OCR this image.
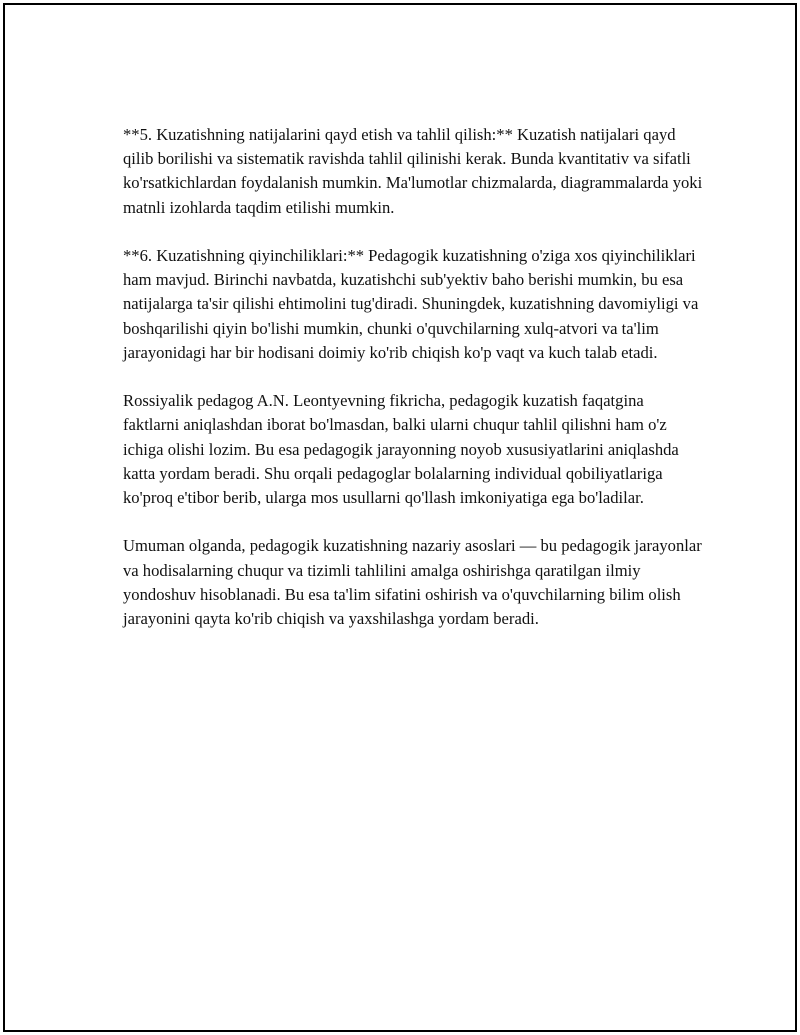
**5. Kuzatishning natijalarini qayd etish va tahlil qilish:** Kuzatish natijalari qayd qilib borilishi va sistematik ravishda tahlil qilinishi kerak. Bunda kvantitativ va sifatli ko'rsatkichlardan foydalanish mumkin. Ma'lumotlar chizmalarda, diagrammalarda yoki matnli izohlarda taqdim etilishi mumkin.

**6. Kuzatishning qiyinchiliklari:** Pedagogik kuzatishning o'ziga xos qiyinchiliklari ham mavjud. Birinchi navbatda, kuzatishchi sub'yektiv baho berishi mumkin, bu esa natijalarga ta'sir qilishi ehtimolini tug'diradi. Shuningdek, kuzatishning davomiyligi va boshqarilishi qiyin bo'lishi mumkin, chunki o'quvchilarning xulq-atvori va ta'lim jarayonidagi har bir hodisani doimiy ko'rib chiqish ko'p vaqt va kuch talab etadi.

Rossiyalik pedagog A.N. Leontyevning fikricha, pedagogik kuzatish faqatgina faktlarni aniqlashdan iborat bo'lmasdan, balki ularni chuqur tahlil qilishni ham o'z ichiga olishi lozim. Bu esa pedagogik jarayonning noyob xususiyatlarini aniqlashda katta yordam beradi. Shu orqali pedagoglar bolalarning individual qobiliyatlariga ko'proq e'tibor berib, ularga mos usullarni qo'llash imkoniyatiga ega bo'ladilar.

Umuman olganda, pedagogik kuzatishning nazariy asoslari — bu pedagogik jarayonlar va hodisalarning chuqur va tizimli tahlilini amalga oshirishga qaratilgan ilmiy yondoshuv hisoblanadi. Bu esa ta'lim sifatini oshirish va o'quvchilarning bilim olish jarayonini qayta ko'rib chiqish va yaxshilashga yordam beradi.
